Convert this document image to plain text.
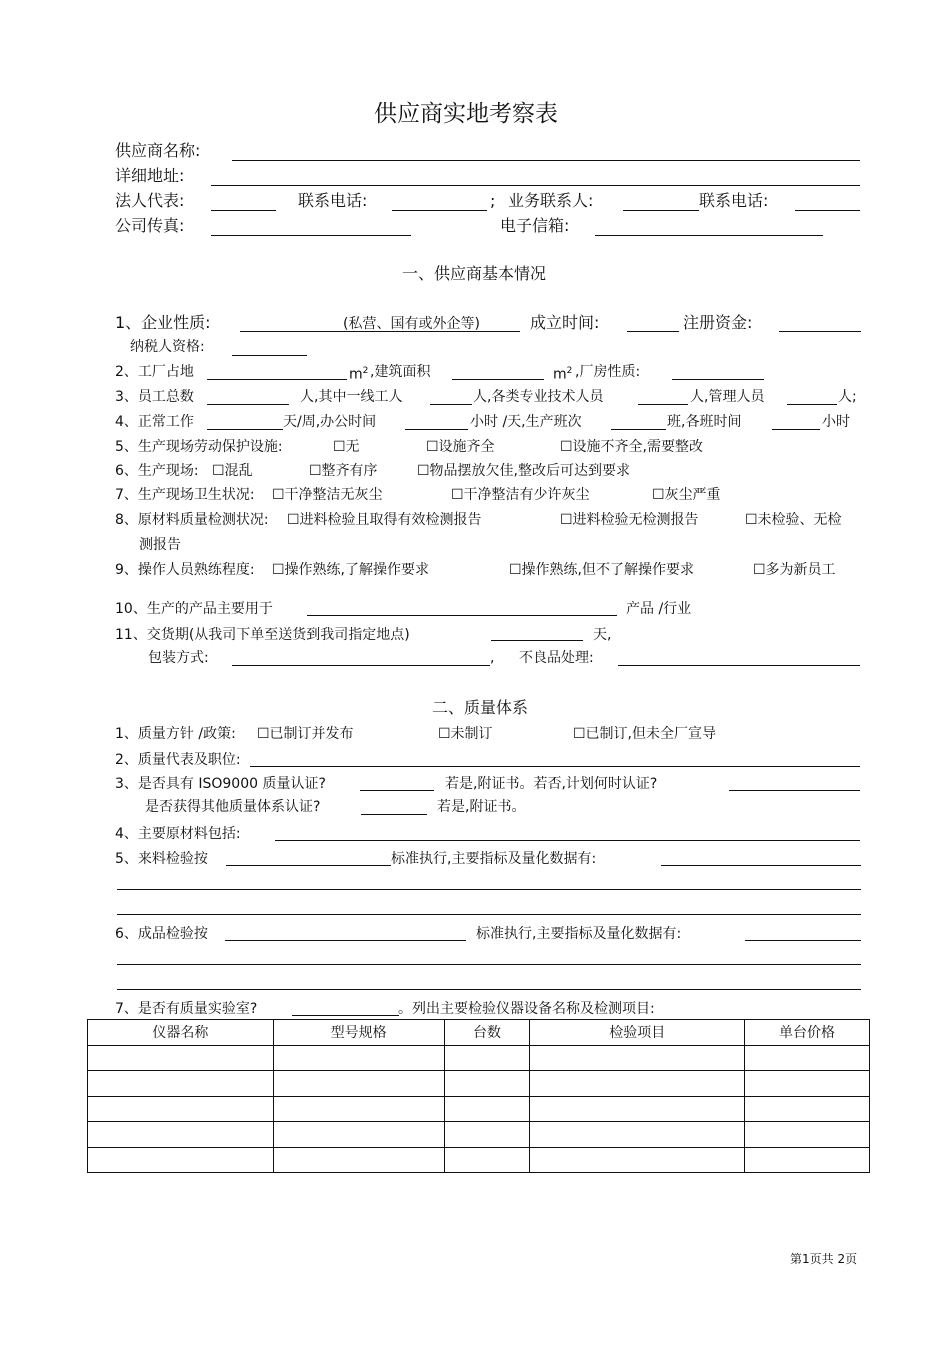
供应商实地考察表
供应商名称:
详细地址:
法人代表:	联系电话:	; 业务联系人:	联系电话:
公司传真:	电子信箱:
一、供应商基本情况
1、企业性质:	(私营、国有或外企等)	成立时间:	注册资金:
纳税人资格:
2、工厂占地	$m^2$ ,建筑面积	$m^2$ ,厂房性质:
3、员工总数	人,其中一线工人	人,各类专业技术人员	人,管理人员	人;
4、正常工作	天/周,办公时间	小时 /天,生产班次	班,各班时间	小时
5、生产现场劳动保护设施:	☐无	☐设施齐全	☐设施不齐全,需要整改
6、生产现场: ☐混乱	☐整齐有序	☐物品摆放欠佳,整改后可达到要求
7、生产现场卫生状况: ☐干净整洁无灰尘	☐干净整洁有少许灰尘	☐灰尘严重
8、原材料质量检测状况: ☐进料检验且取得有效检测报告	☐进料检验无检测报告	☐未检验、无检
测报告
9、操作人员熟练程度: ☐操作熟练,了解操作要求	☐操作熟练,但不了解操作要求	☐多为新员工
10、生产的产品主要用于	产品 /行业
11、交货期(从我司下单至送货到我司指定地点)	天,
包装方式:	, 不良品处理:
二、质量体系
1、质量方针 /政策: ☐已制订并发布	☐未制订	☐已制订,但未全厂宣导
2、质量代表及职位:
3、是否具有 ISO9000 质量认证?	若是,附证书。若否,计划何时认证?
是否获得其他质量体系认证?	若是,附证书。
4、主要原材料包括:
5、来料检验按	标准执行,主要指标及量化数据有:
6、成品检验按	标准执行,主要指标及量化数据有:
7、是否有质量实验室?	。列出主要检验仪器设备名称及检测项目:
仪器名称	型号规格	台数	检验项目	单台价格

第1页共 2页
